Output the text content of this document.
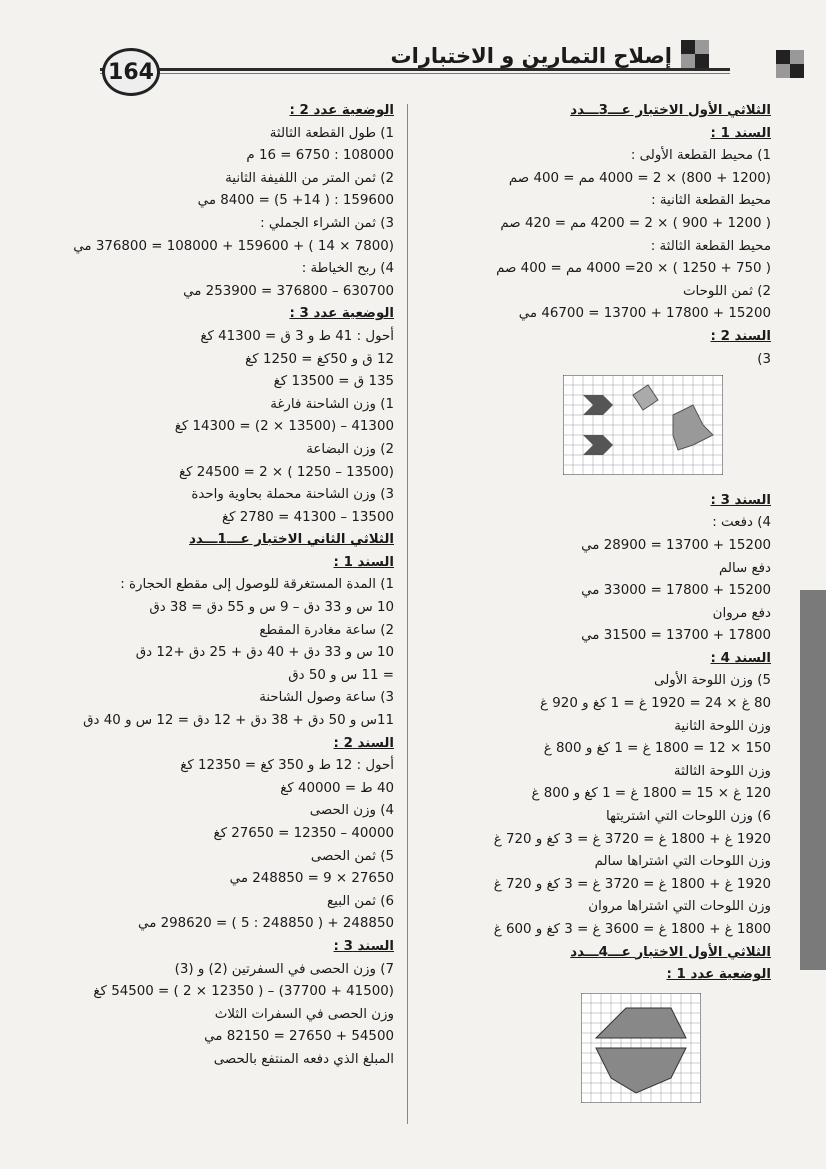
164
إصلاح التمارين و الاختبارات
الثلاثي الأول الاختبار عـــ3ـــدد
السند 1 :
1) محيط القطعة الأولى :
(1200 + 800) × 2 = 4000 مم = 400 صم
محيط القطعة الثانية :
( 1200 + 900 ) × 2 = 4200 مم = 420 صم
محيط القطعة الثالثة :
( 750 + 1250 ) × 20= 4000 مم = 400 صم
2) ثمن اللوحات
15200 + 17800 + 13700 = 46700 مي
السند 2 :
3)
السند 3 :
4) دفعت :
15200 + 13700 = 28900 مي
دفع سالم
15200 + 17800 = 33000 مي
دفع مروان
17800 + 13700 = 31500 مي
السند 4 :
5) وزن اللوحة الأولى
80 غ × 24 = 1920 غ = 1 كغ و 920 غ
وزن اللوحة الثانية
150 × 12 = 1800 غ = 1 كغ و 800 غ
وزن اللوحة الثالثة
120 غ × 15 = 1800 غ = 1 كغ و 800 غ
6) وزن اللوحات التي اشتريتها
1920 غ + 1800 غ = 3720 غ = 3 كغ و 720 غ
وزن اللوحات التي اشتراها سالم
1920 غ + 1800 غ = 3720 غ = 3 كغ و 720 غ
وزن اللوحات التي اشتراها مروان
1800 غ + 1800 غ = 3600 غ = 3 كغ و 600 غ
الثلاثي الأول الاختبار عـــ4ـــدد
الوضعية عدد 1 :
الوضعية عدد 2 :
1) طول القطعة الثالثة
108000 : 6750 = 16 م
2) ثمن المتر من اللفيفة الثانية
159600 : ( 14+ 5) = 8400 مي
3) ثمن الشراء الجملي :
(7800 × 14 ) + 159600 + 108000 = 376800 مي
4) ربح الخياطة :
630700 – 376800 = 253900 مي
الوضعية عدد 3 :
أحول : 41 ط و 3 ق = 41300 كغ
12 ق و 50كغ = 1250 كغ
135 ق = 13500 كغ
1) وزن الشاحنة فارغة
41300 – (13500 × 2) = 14300 كغ
2) وزن البضاعة
(13500 – 1250 ) × 2 = 24500 كغ
3) وزن الشاحنة محملة بحاوية واحدة
13500 – 41300 = 2780 كغ
الثلاثي الثاني الاختبار عـــ1ـــدد
السند 1 :
1) المدة المستغرقة للوصول إلى مقطع الحجارة :
10 س و 33 دق – 9 س و 55 دق = 38 دق
2) ساعة مغادرة المقطع
10 س و 33 دق + 40 دق + 25 دق +12 دق
= 11 س و 50 دق
3) ساعة وصول الشاحنة
11س و 50 دق + 38 دق + 12 دق = 12 س و 40 دق
السند 2 :
أحول : 12 ط و 350 كغ = 12350 كغ
40 ط = 40000 كغ
4) وزن الحصى
40000 – 12350 = 27650 كغ
5) ثمن الحصى
27650 × 9 = 248850 مي
6) ثمن البيع
248850 + ( 248850 : 5 ) = 298620 مي
السند 3 :
7) وزن الحصى في السفرتين (2) و (3)
(41500 + 37700) – ( 12350 × 2 ) = 54500 كغ
وزن الحصى في السفرات الثلاث
54500 + 27650 = 82150 مي
المبلغ الذي دفعه المنتفع بالحصى
